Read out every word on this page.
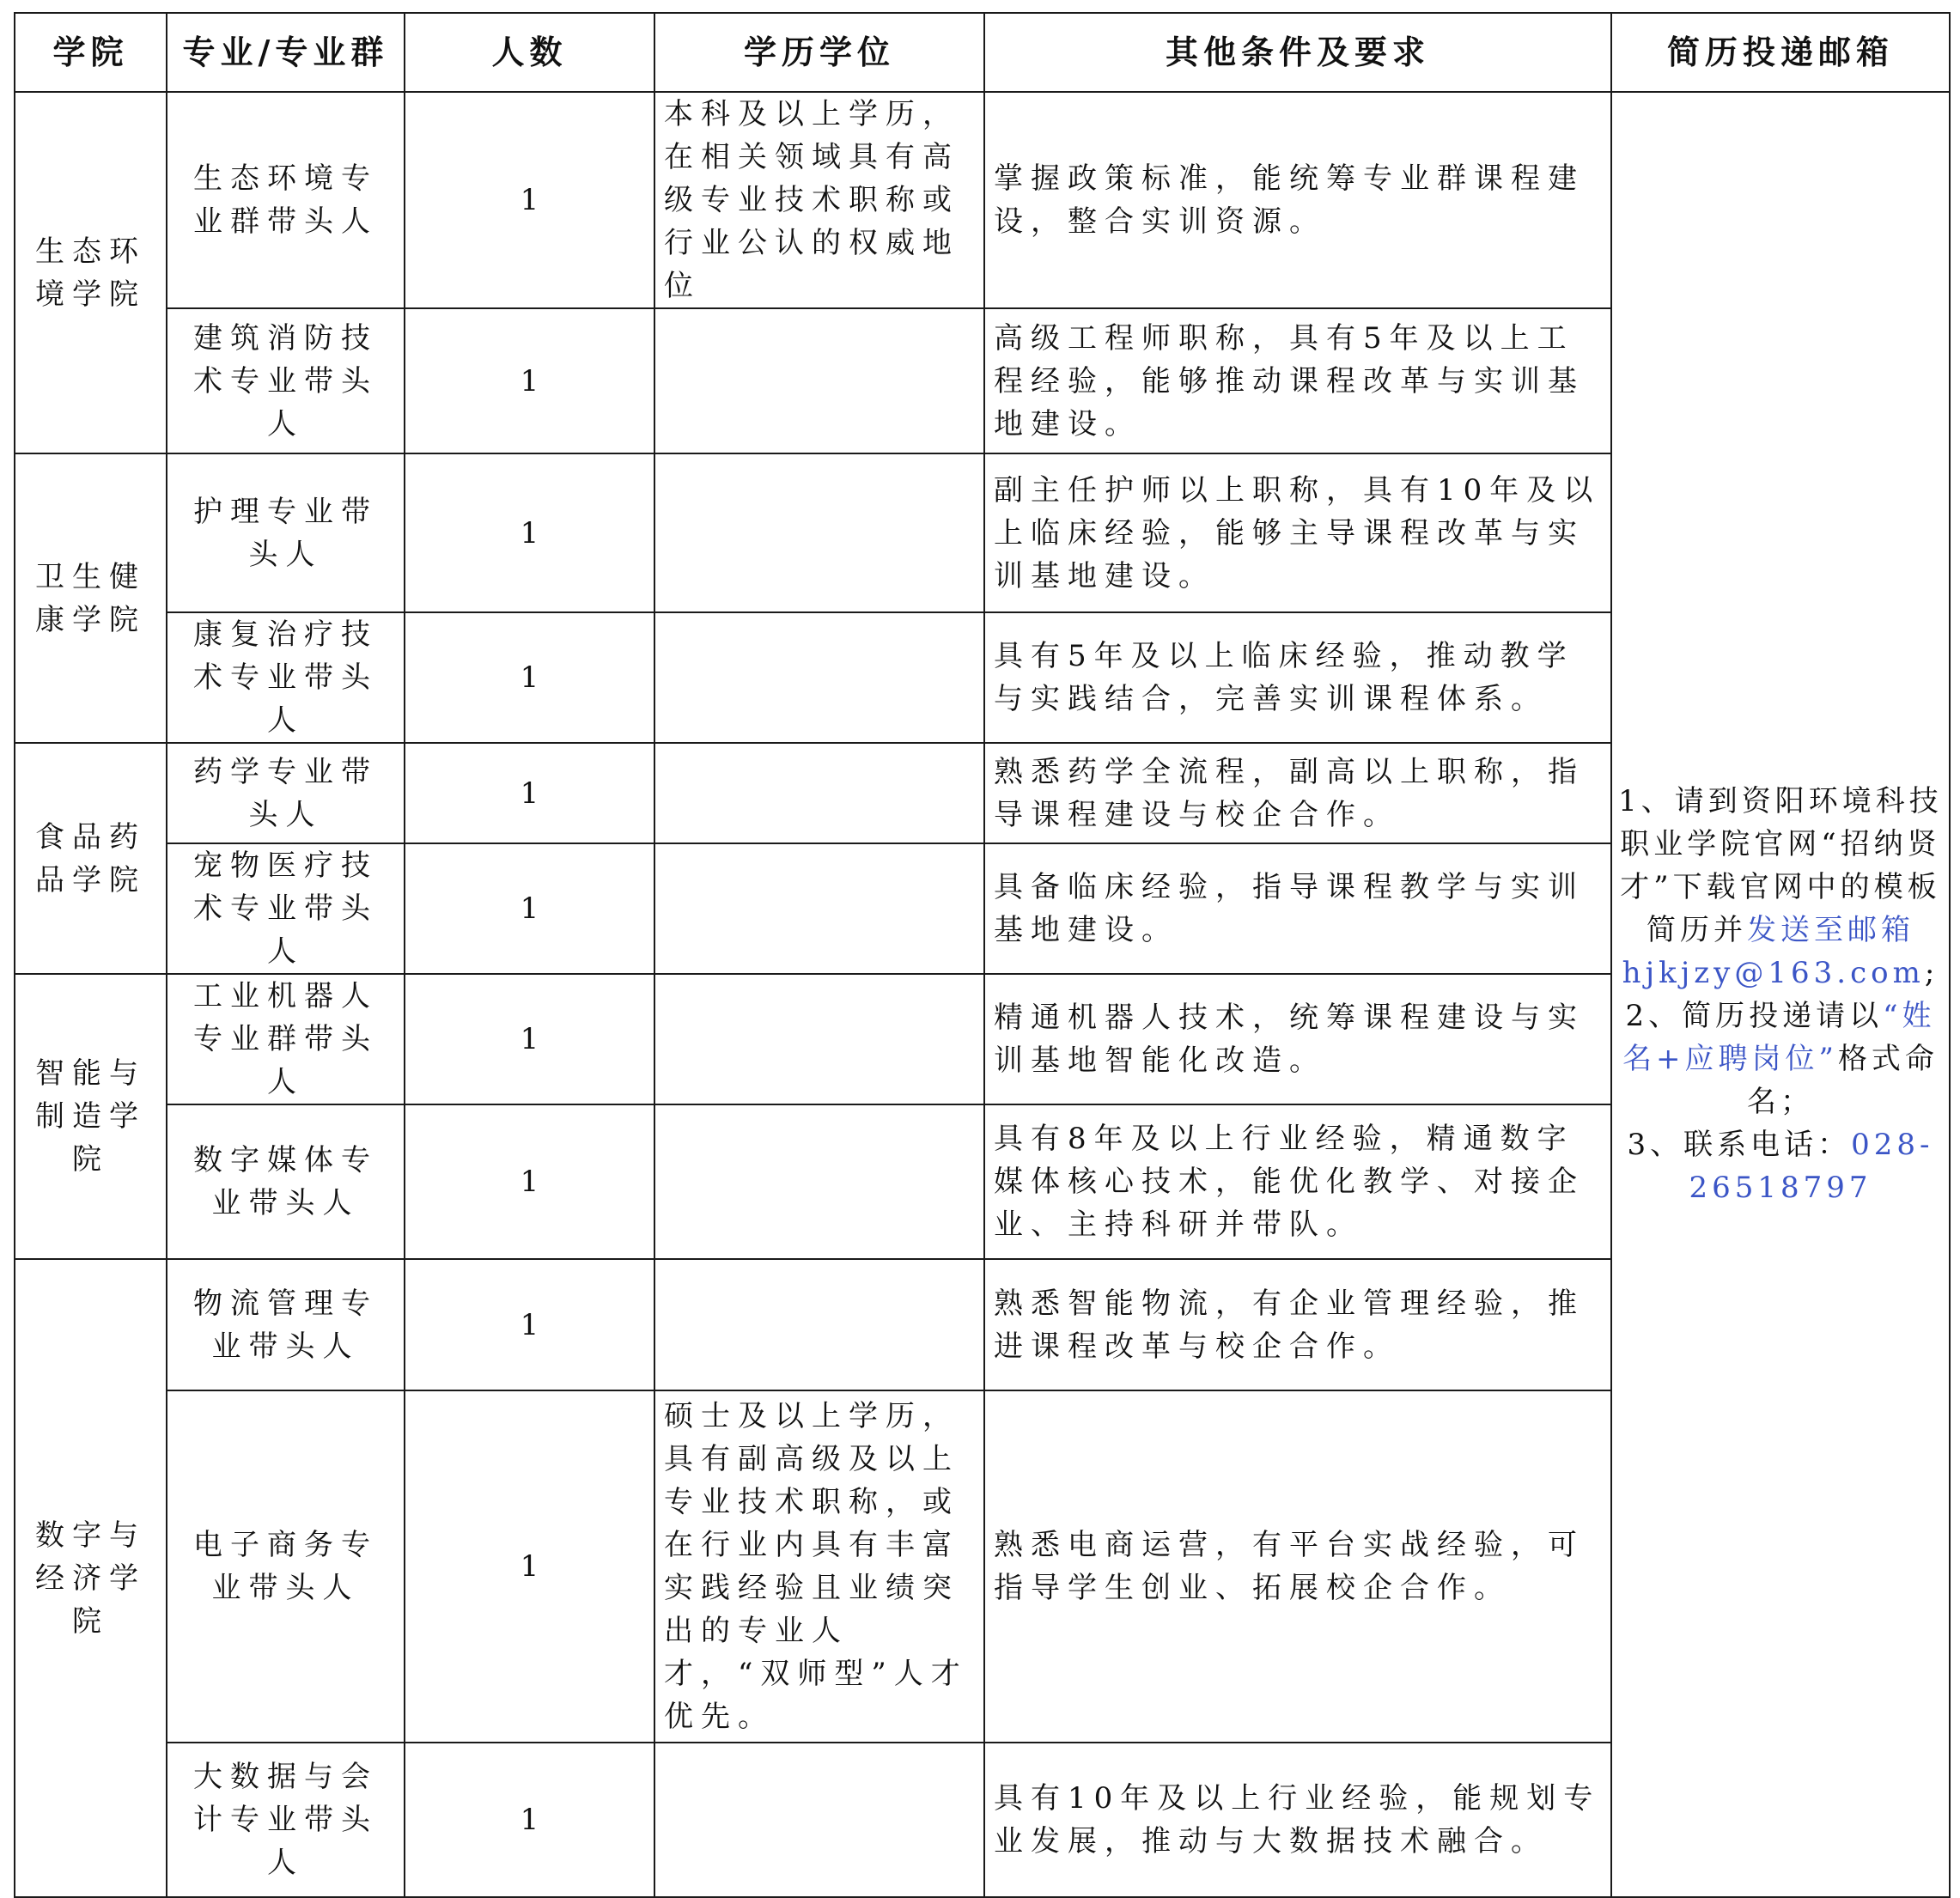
学院	专业/专业群	人数	学历学位	其他条件及要求	简历投递邮箱
生态环境学院	生态环境专业群带头人	1	本科及以上学历，在相关领域具有高级专业技术职称或行业公认的权威地位	掌握政策标准，能统筹专业群课程建设，整合实训资源。	1、请到资阳环境科技职业学院官网“招纳贤才”下载官网中的模板简历并发送至邮箱hjkjzy@163.com;
2、简历投递请以“姓名+应聘岗位”格式命名；
3、联系电话：028-26518797

	建筑消防技术专业带头人	1		高级工程师职称，具有5年及以上工程经验，能够推动课程改革与实训基地建设。	
卫生健康学院	护理专业带头人	1		副主任护师以上职称，具有10年及以上临床经验，能够主导课程改革与实训基地建设。	
	康复治疗技术专业带头人	1		具有5年及以上临床经验，推动教学与实践结合，完善实训课程体系。	
食品药品学院	药学专业带头人	1		熟悉药学全流程，副高以上职称，指导课程建设与校企合作。	
	宠物医疗技术专业带头人	1		具备临床经验，指导课程教学与实训基地建设。	
智能与制造学院	工业机器人专业群带头人	1		精通机器人技术，统筹课程建设与实训基地智能化改造。	
	数字媒体专业带头人	1		具有8年及以上行业经验，精通数字媒体核心技术，能优化教学、对接企业、主持科研并带队。	
数字与经济学院	物流管理专业带头人	1		熟悉智能物流，有企业管理经验，推进课程改革与校企合作。	
	电子商务专业带头人	1	硕士及以上学历，具有副高级及以上专业技术职称，或在行业内具有丰富实践经验且业绩突出的专业人才，“双师型”人才优先。	熟悉电商运营，有平台实战经验，可指导学生创业、拓展校企合作。	
	大数据与会计专业带头人	1		具有10年及以上行业经验，能规划专业发展，推动与大数据技术融合。	
